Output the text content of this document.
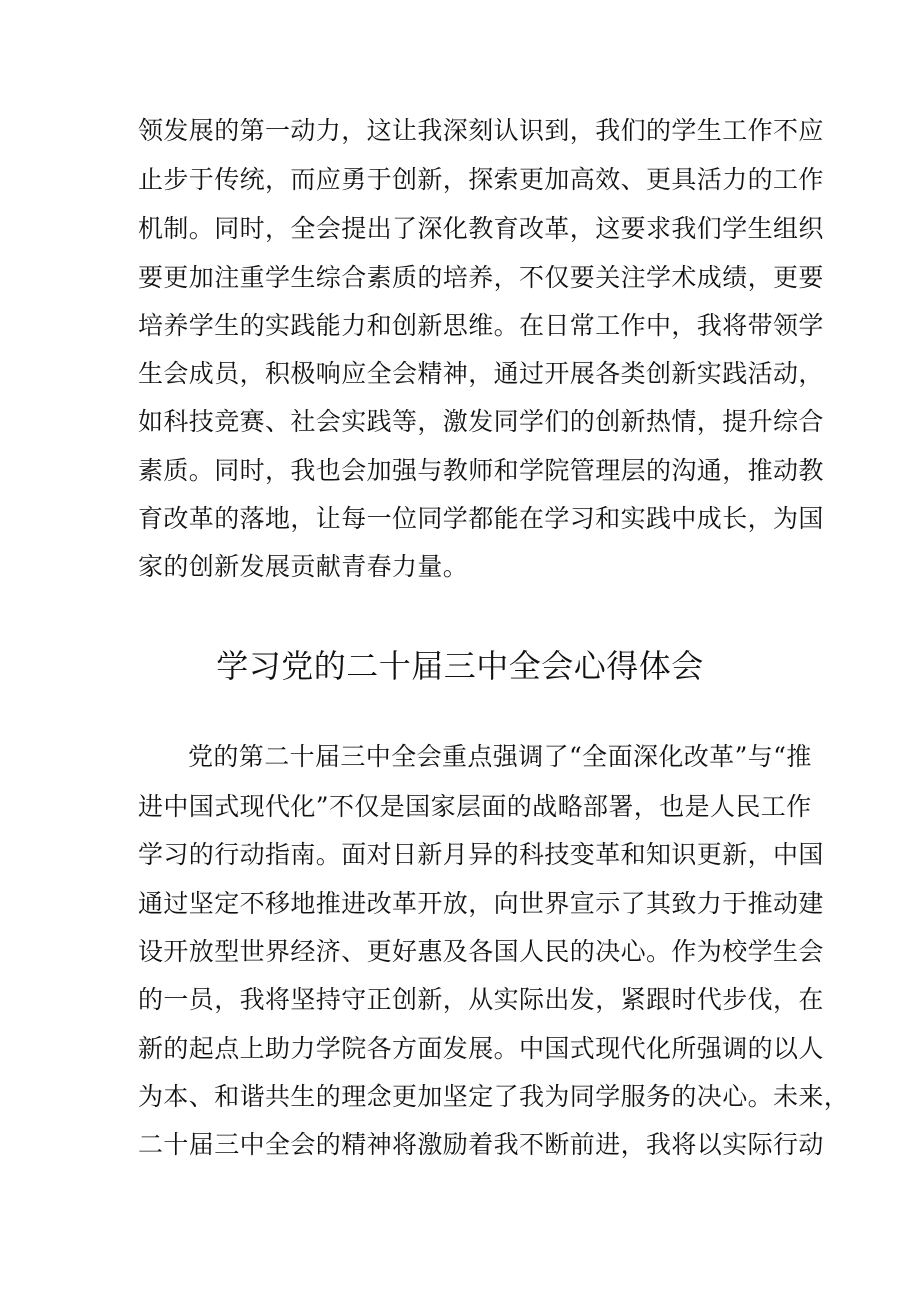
领发展的第一动力，这让我深刻认识到，我们的学生工作不应
止步于传统，而应勇于创新，探索更加高效、更具活力的工作
机制。同时，全会提出了深化教育改革，这要求我们学生组织
要更加注重学生综合素质的培养，不仅要关注学术成绩，更要
培养学生的实践能力和创新思维。在日常工作中，我将带领学
生会成员，积极响应全会精神，通过开展各类创新实践活动，
如科技竞赛、社会实践等，激发同学们的创新热情，提升综合
素质。同时，我也会加强与教师和学院管理层的沟通，推动教
育改革的落地，让每一位同学都能在学习和实践中成长，为国
家的创新发展贡献青春力量。
学习党的二十届三中全会心得体会
党的第二十届三中全会重点强调了“全面深化改革”与“推
进中国式现代化”不仅是国家层面的战略部署，也是人民工作
学习的行动指南。面对日新月异的科技变革和知识更新，中国
通过坚定不移地推进改革开放，向世界宣示了其致力于推动建
设开放型世界经济、更好惠及各国人民的决心。作为校学生会
的一员，我将坚持守正创新，从实际出发，紧跟时代步伐，在
新的起点上助力学院各方面发展。中国式现代化所强调的以人
为本、和谐共生的理念更加坚定了我为同学服务的决心。未来，
二十届三中全会的精神将激励着我不断前进，我将以实际行动
